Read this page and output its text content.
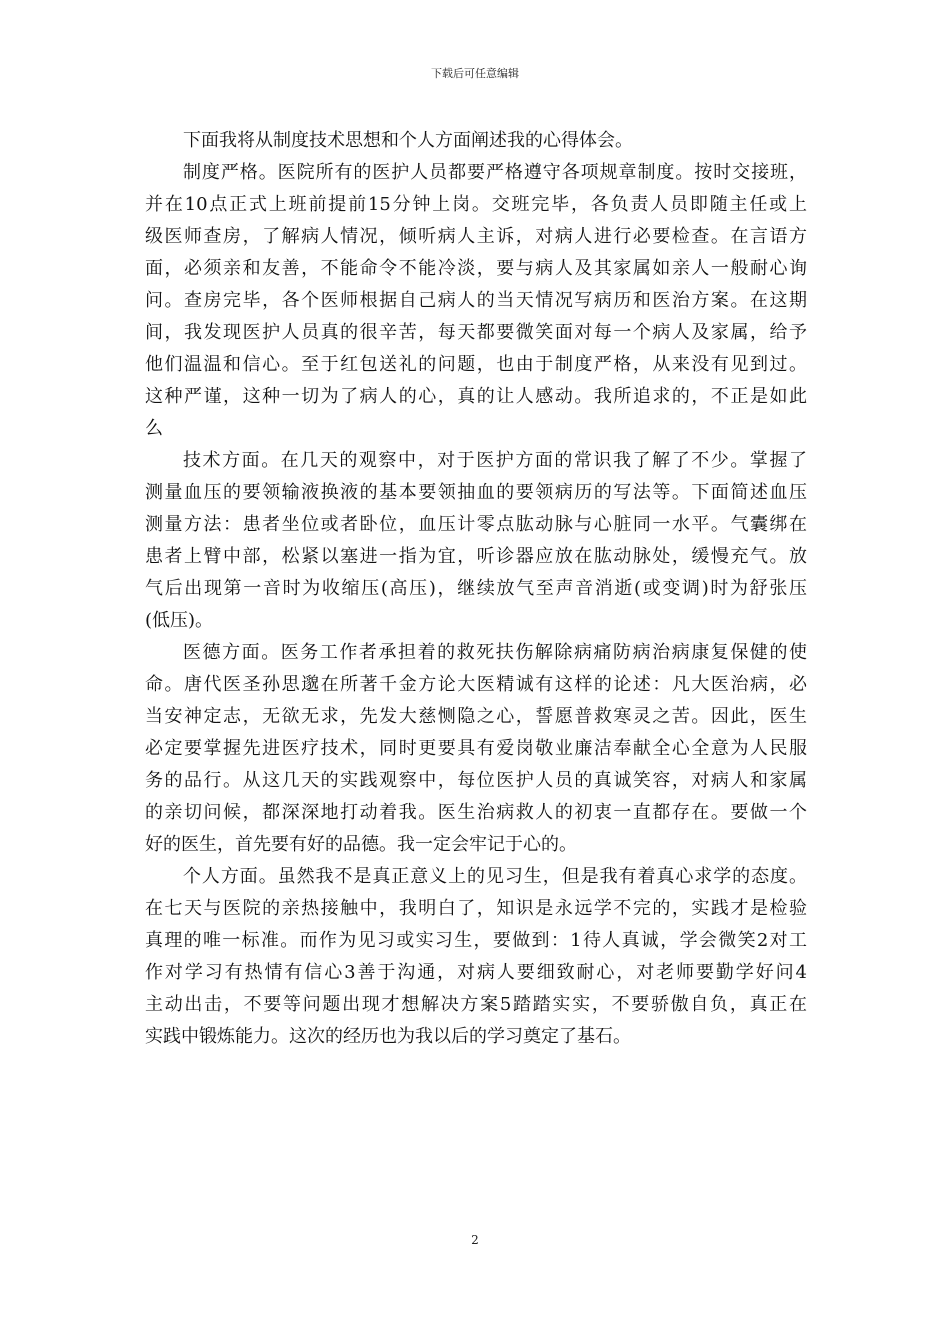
下载后可任意编辑
下面我将从制度技术思想和个人方面阐述我的心得体会。
制度严格。医院所有的医护人员都要严格遵守各项规章制度。按时交接班，
并在10点正式上班前提前15分钟上岗。交班完毕，各负责人员即随主任或上
级医师查房，了解病人情况，倾听病人主诉，对病人进行必要检查。在言语方
面，必须亲和友善，不能命令不能冷淡，要与病人及其家属如亲人一般耐心询
问。查房完毕，各个医师根据自己病人的当天情况写病历和医治方案。在这期
间，我发现医护人员真的很辛苦，每天都要微笑面对每一个病人及家属，给予
他们温温和信心。至于红包送礼的问题，也由于制度严格，从来没有见到过。
这种严谨，这种一切为了病人的心，真的让人感动。我所追求的，不正是如此
么
技术方面。在几天的观察中，对于医护方面的常识我了解了不少。掌握了
测量血压的要领输液换液的基本要领抽血的要领病历的写法等。下面简述血压
测量方法：患者坐位或者卧位，血压计零点肱动脉与心脏同一水平。气囊绑在
患者上臂中部，松紧以塞进一指为宜，听诊器应放在肱动脉处，缓慢充气。放
气后出现第一音时为收缩压(高压)，继续放气至声音消逝(或变调)时为舒张压
(低压)。
医德方面。医务工作者承担着的救死扶伤解除病痛防病治病康复保健的使
命。唐代医圣孙思邈在所著千金方论大医精诚有这样的论述：凡大医治病，必
当安神定志，无欲无求，先发大慈恻隐之心，誓愿普救寒灵之苦。因此，医生
必定要掌握先进医疗技术，同时更要具有爱岗敬业廉洁奉献全心全意为人民服
务的品行。从这几天的实践观察中，每位医护人员的真诚笑容，对病人和家属
的亲切问候，都深深地打动着我。医生治病救人的初衷一直都存在。要做一个
好的医生，首先要有好的品德。我一定会牢记于心的。
个人方面。虽然我不是真正意义上的见习生，但是我有着真心求学的态度。
在七天与医院的亲热接触中，我明白了，知识是永远学不完的，实践才是检验
真理的唯一标准。而作为见习或实习生，要做到：1待人真诚，学会微笑2对工
作对学习有热情有信心3善于沟通，对病人要细致耐心，对老师要勤学好问4
主动出击，不要等问题出现才想解决方案5踏踏实实，不要骄傲自负，真正在
实践中锻炼能力。这次的经历也为我以后的学习奠定了基石。
2
